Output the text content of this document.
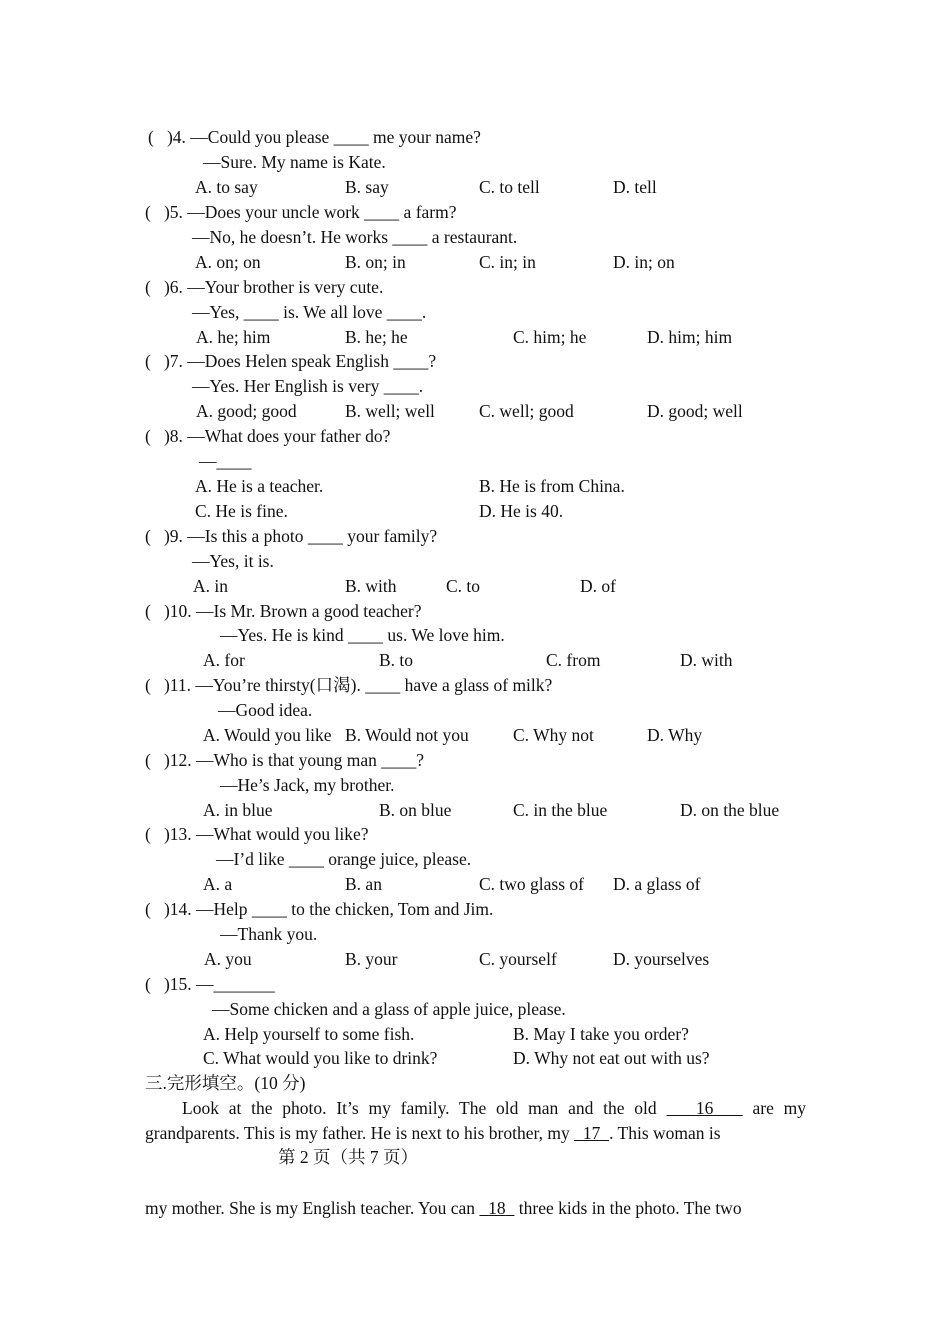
(   )4. —Could you please ____ me your name?
—Sure. My name is Kate.
A. to say	B. say	C. to tell	D. tell
(   )5. —Does your uncle work ____ a farm?
—No, he doesn’t. He works ____ a restaurant.
A. on; on	B. on; in	C. in; in	D. in; on
(   )6. —Your brother is very cute.
—Yes, ____ is. We all love ____.
A. he; him	B. he; he	C. him; he	D. him; him
(   )7. —Does Helen speak English ____?
—Yes. Her English is very ____.
A. good; good	B. well; well	C. well; good	D. good; well
(   )8. —What does your father do?
—____
A. He is a teacher.	B. He is from China.
C. He is fine.	D. He is 40.
(   )9. —Is this a photo ____ your family?
—Yes, it is.
A. in	B. with	C. to	D. of
(   )10. —Is Mr. Brown a good teacher?
—Yes. He is kind ____ us. We love him.
A. for	B. to	C. from	D. with
(   )11. —You’re thirsty(口渴). ____ have a glass of milk?
—Good idea.
A. Would you like B. Would not you	C. Why not	D. Why
(   )12. —Who is that young man ____?
—He’s Jack, my brother.
A. in blue	B. on blue	C. in the blue	D. on the blue
(   )13. —What would you like?
—I’d like ____ orange juice, please.
A. a	B. an	C. two glass of D. a glass of
(   )14. —Help ____ to the chicken, Tom and Jim.
—Thank you.
A. you	B. your	C. yourself	D. yourselves
(   )15. —_______
—Some chicken and a glass of apple juice, please.
A. Help yourself to some fish.	B. May I take you order?
C. What would you like to drink?	D. Why not eat out with us?
三.完形填空。(10 分)
Look at the photo. It’s my family. The old man and the old 16 are my
grandparents. This is my father. He is next to his brother, my 17 . This woman is
第 2 页（共 7 页）
my mother. She is my English teacher. You can 18 three kids in the photo. The two
